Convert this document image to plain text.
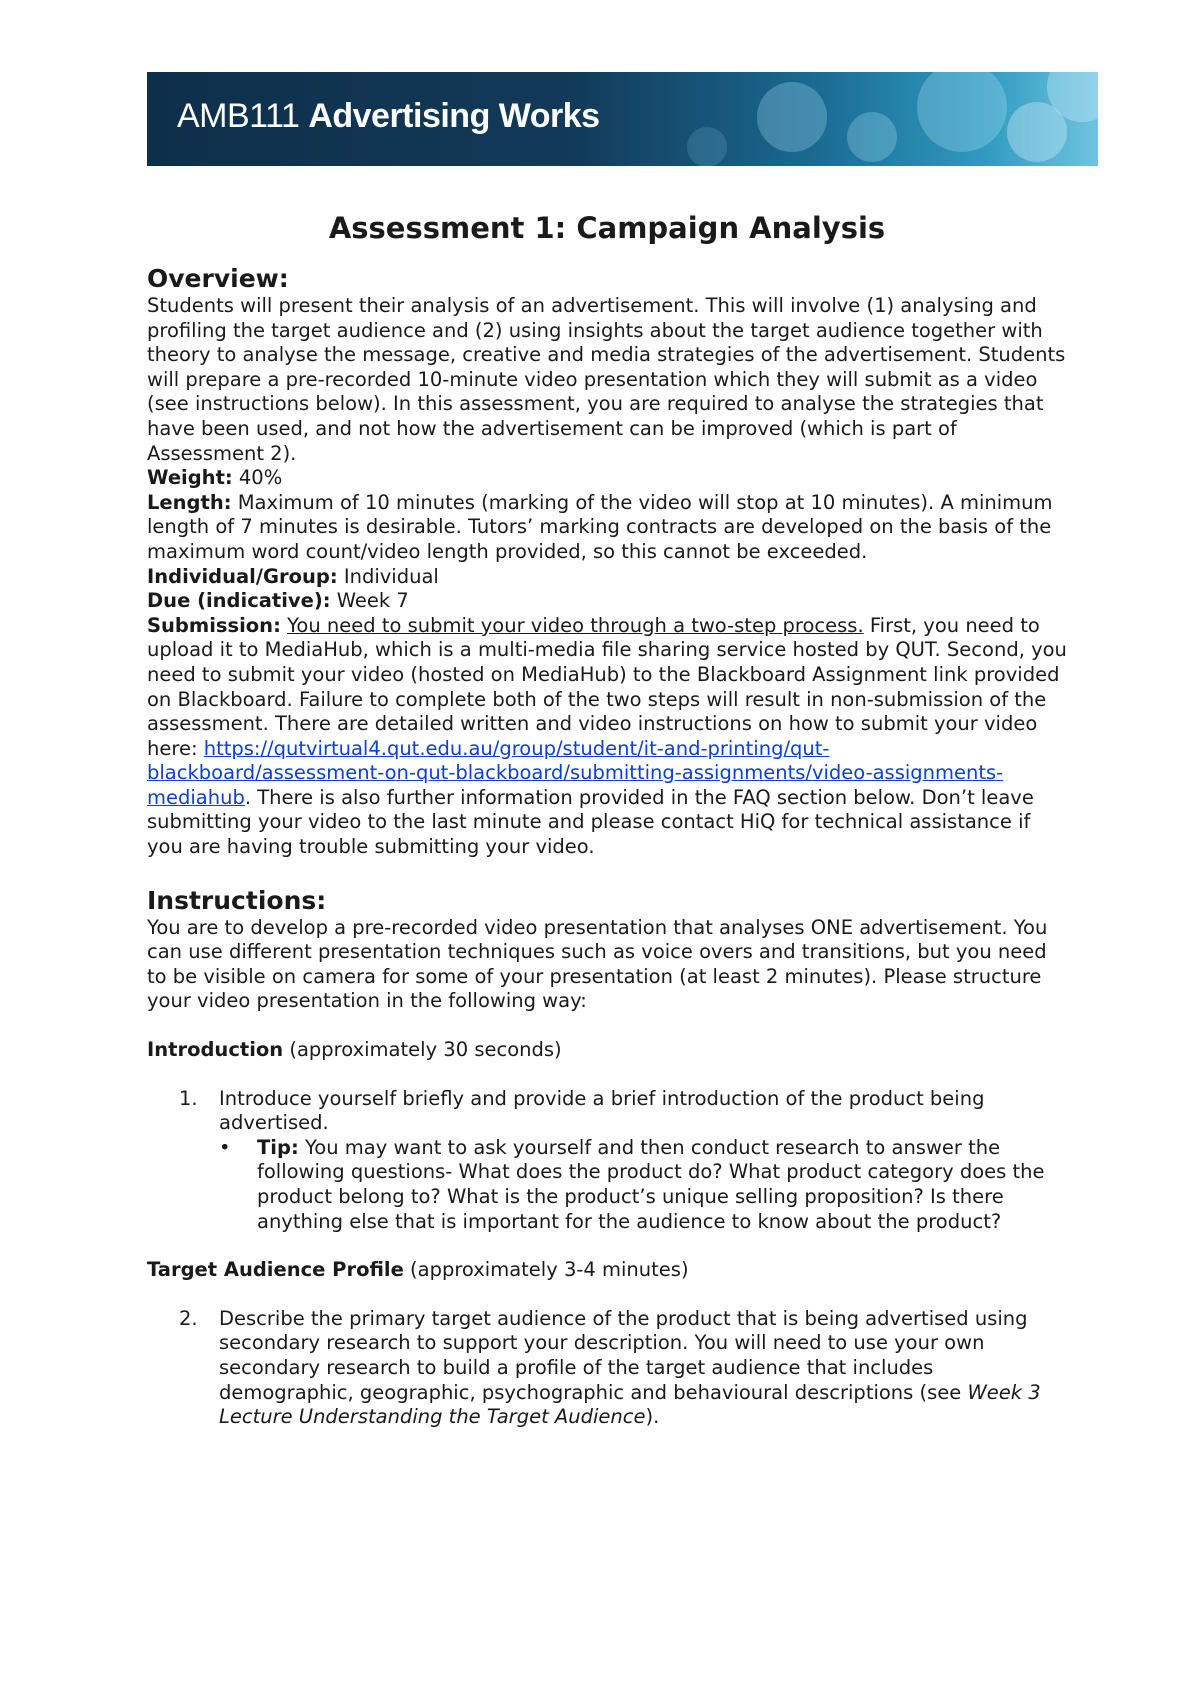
AMB111 Advertising Works
Assessment 1: Campaign Analysis
Overview:

Students will present their analysis of an advertisement. This will involve (1) analysing and profiling the target audience and (2) using insights about the target audience together with theory to analyse the message, creative and media strategies of the advertisement. Students will prepare a pre-recorded 10-minute video presentation which they will submit as a video (see instructions below). In this assessment, you are required to analyse the strategies that have been used, and not how the advertisement can be improved (which is part of Assessment 2).

Weight: 40%

Length: Maximum of 10 minutes (marking of the video will stop at 10 minutes). A minimum length of 7 minutes is desirable. Tutors’ marking contracts are developed on the basis of the maximum word count/video length provided, so this cannot be exceeded.

Individual/Group: Individual

Due (indicative): Week 7

Submission: You need to submit your video through a two-step process. First, you need to upload it to MediaHub, which is a multi-media file sharing service hosted by QUT. Second, you need to submit your video (hosted on MediaHub) to the Blackboard Assignment link provided on Blackboard. Failure to complete both of the two steps will result in non-submission of the assessment. There are detailed written and video instructions on how to submit your video here: https://qutvirtual4.qut.edu.au/group/student/it-and-printing/qut-blackboard/assessment-on-qut-blackboard/submitting-assignments/video-assignments-mediahub. There is also further information provided in the FAQ section below. Don’t leave submitting your video to the last minute and please contact HiQ for technical assistance if you are having trouble submitting your video.

Instructions:

You are to develop a pre-recorded video presentation that analyses ONE advertisement. You can use different presentation techniques such as voice overs and transitions, but you need to be visible on camera for some of your presentation (at least 2 minutes). Please structure your video presentation in the following way:

Introduction (approximately 30 seconds)

1. Introduce yourself briefly and provide a brief introduction of the product being advertised.
• Tip: You may want to ask yourself and then conduct research to answer the following questions- What does the product do? What product category does the product belong to? What is the product’s unique selling proposition? Is there anything else that is important for the audience to know about the product?

Target Audience Profile (approximately 3-4 minutes)

2. Describe the primary target audience of the product that is being advertised using secondary research to support your description. You will need to use your own secondary research to build a profile of the target audience that includes demographic, geographic, psychographic and behavioural descriptions (see Week 3 Lecture Understanding the Target Audience).
